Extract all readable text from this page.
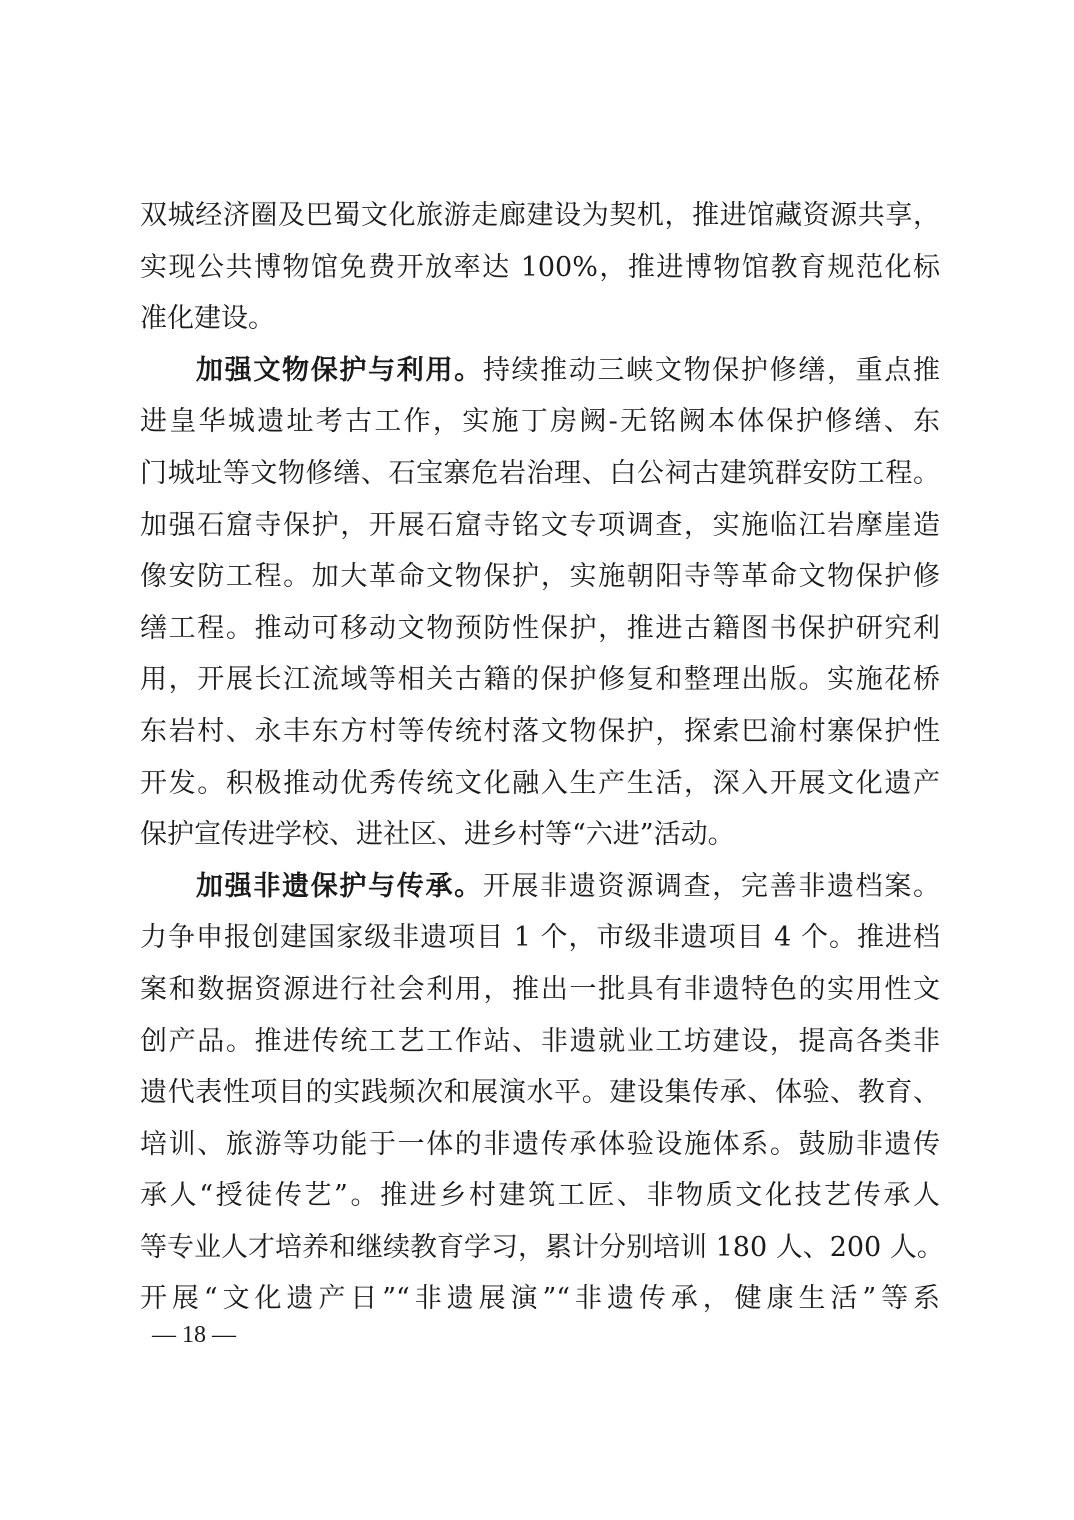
双城经济圈及巴蜀文化旅游走廊建设为契机，推进馆藏资源共享，
实现公共博物馆免费开放率达 100%，推进博物馆教育规范化标
准化建设。
加强文物保护与利用。持续推动三峡文物保护修缮，重点推
进皇华城遗址考古工作，实施丁房阙-无铭阙本体保护修缮、东
门城址等文物修缮、石宝寨危岩治理、白公祠古建筑群安防工程。
加强石窟寺保护，开展石窟寺铭文专项调查，实施临江岩摩崖造
像安防工程。加大革命文物保护，实施朝阳寺等革命文物保护修
缮工程。推动可移动文物预防性保护，推进古籍图书保护研究利
用，开展长江流域等相关古籍的保护修复和整理出版。实施花桥
东岩村、永丰东方村等传统村落文物保护，探索巴渝村寨保护性
开发。积极推动优秀传统文化融入生产生活，深入开展文化遗产
保护宣传进学校、进社区、进乡村等“六进”活动。
加强非遗保护与传承。开展非遗资源调查，完善非遗档案。
力争申报创建国家级非遗项目 1 个，市级非遗项目 4 个。推进档
案和数据资源进行社会利用，推出一批具有非遗特色的实用性文
创产品。推进传统工艺工作站、非遗就业工坊建设，提高各类非
遗代表性项目的实践频次和展演水平。建设集传承、体验、教育、
培训、旅游等功能于一体的非遗传承体验设施体系。鼓励非遗传
承人“授徒传艺”。推进乡村建筑工匠、非物质文化技艺传承人
等专业人才培养和继续教育学习，累计分别培训 180 人、200 人。
开展“文化遗产日”“非遗展演”“非遗传承，健康生活”等系
— 18 —
